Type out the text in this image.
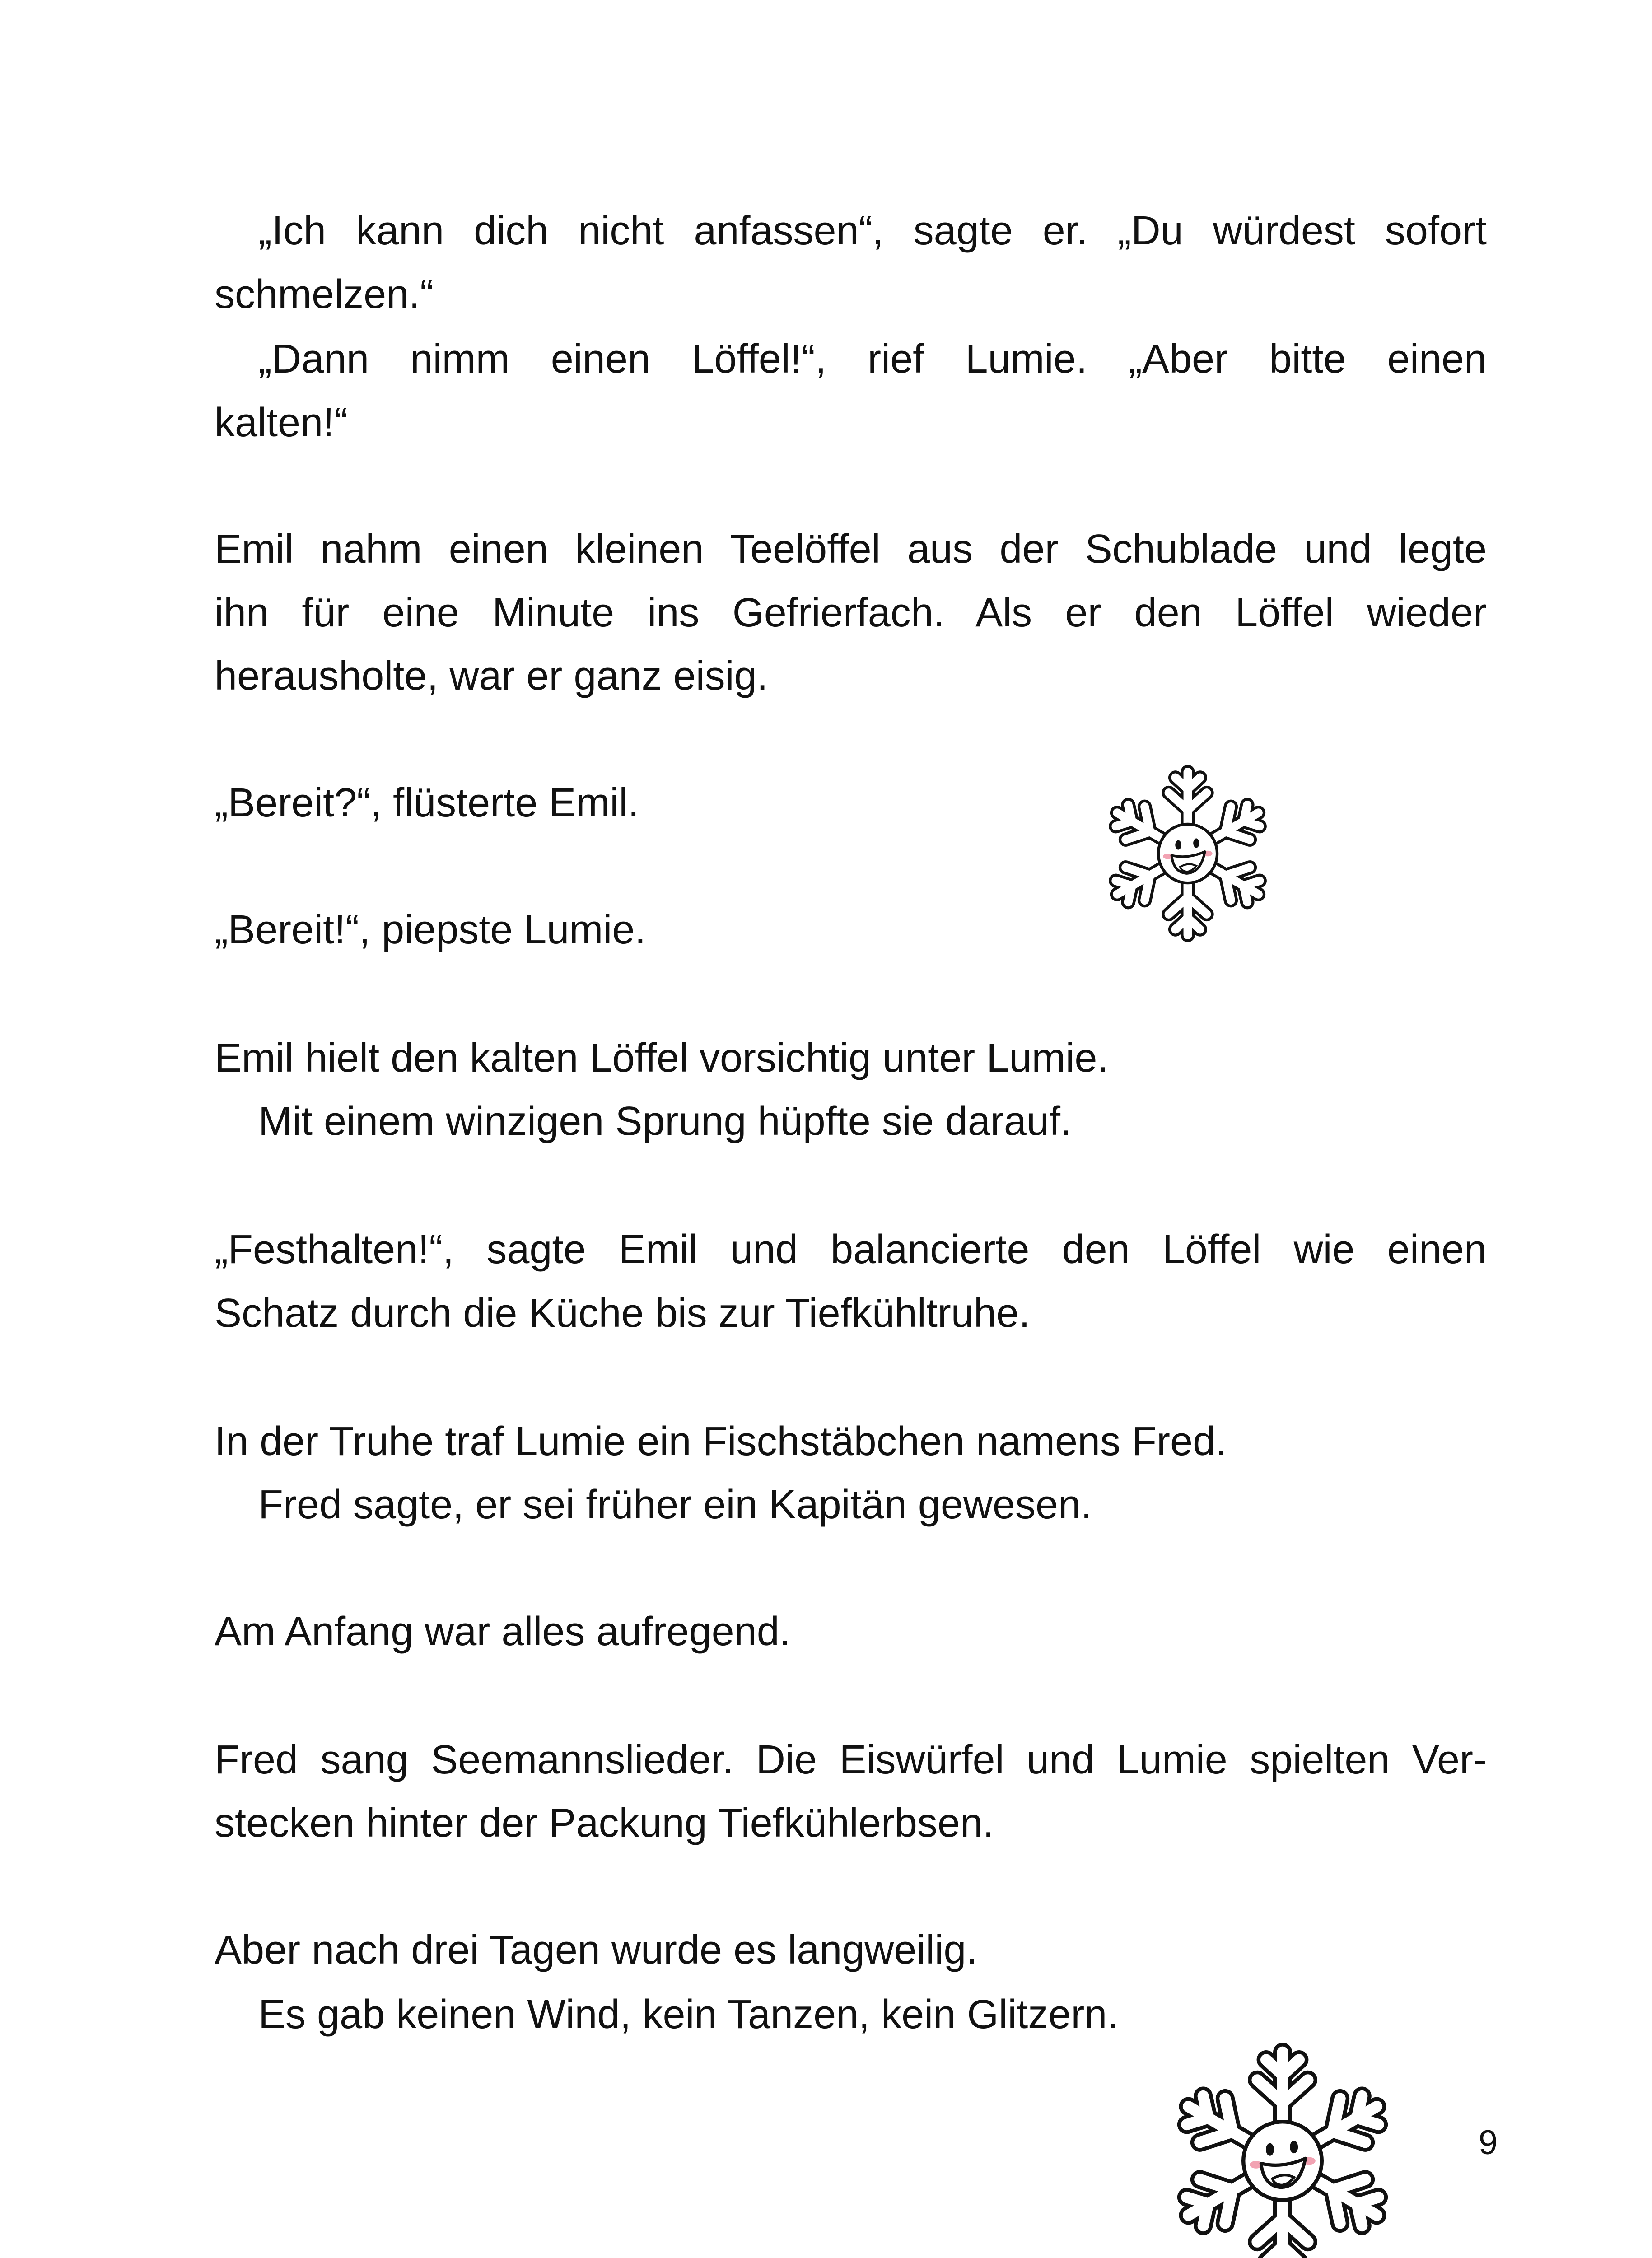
„Ich kann dich nicht anfassen“, sagte er. „Du würdest sofort
schmelzen.“
„Dann nimm einen Löffel!“, rief Lumie. „Aber bitte einen
kalten!“
Emil nahm einen kleinen Teelöffel aus der Schublade und legte
ihn für eine Minute ins Gefrierfach. Als er den Löffel wieder
herausholte, war er ganz eisig.
„Bereit?“, flüsterte Emil.
„Bereit!“, piepste Lumie.
Emil hielt den kalten Löffel vorsichtig unter Lumie.
Mit einem winzigen Sprung hüpfte sie darauf.
„Festhalten!“, sagte Emil und balancierte den Löffel wie einen
Schatz durch die Küche bis zur Tiefkühltruhe.
In der Truhe traf Lumie ein Fischstäbchen namens Fred.
Fred sagte, er sei früher ein Kapitän gewesen.
Am Anfang war alles aufregend.
Fred sang Seemannslieder. Die Eiswürfel und Lumie spielten Ver-
stecken hinter der Packung Tiefkühlerbsen.
Aber nach drei Tagen wurde es langweilig.
Es gab keinen Wind, kein Tanzen, kein Glitzern.
9
